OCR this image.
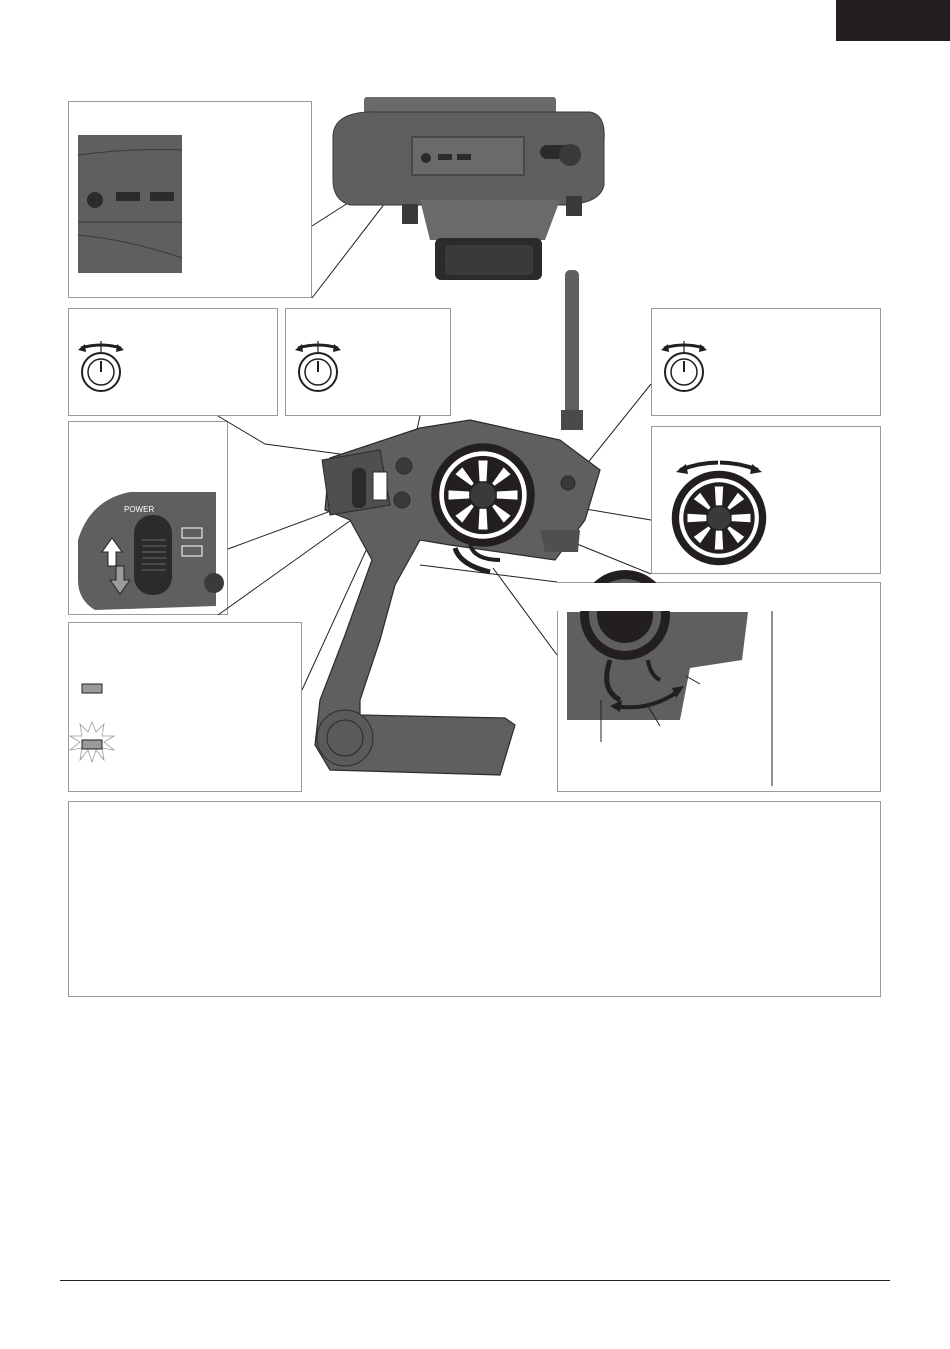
POWER
